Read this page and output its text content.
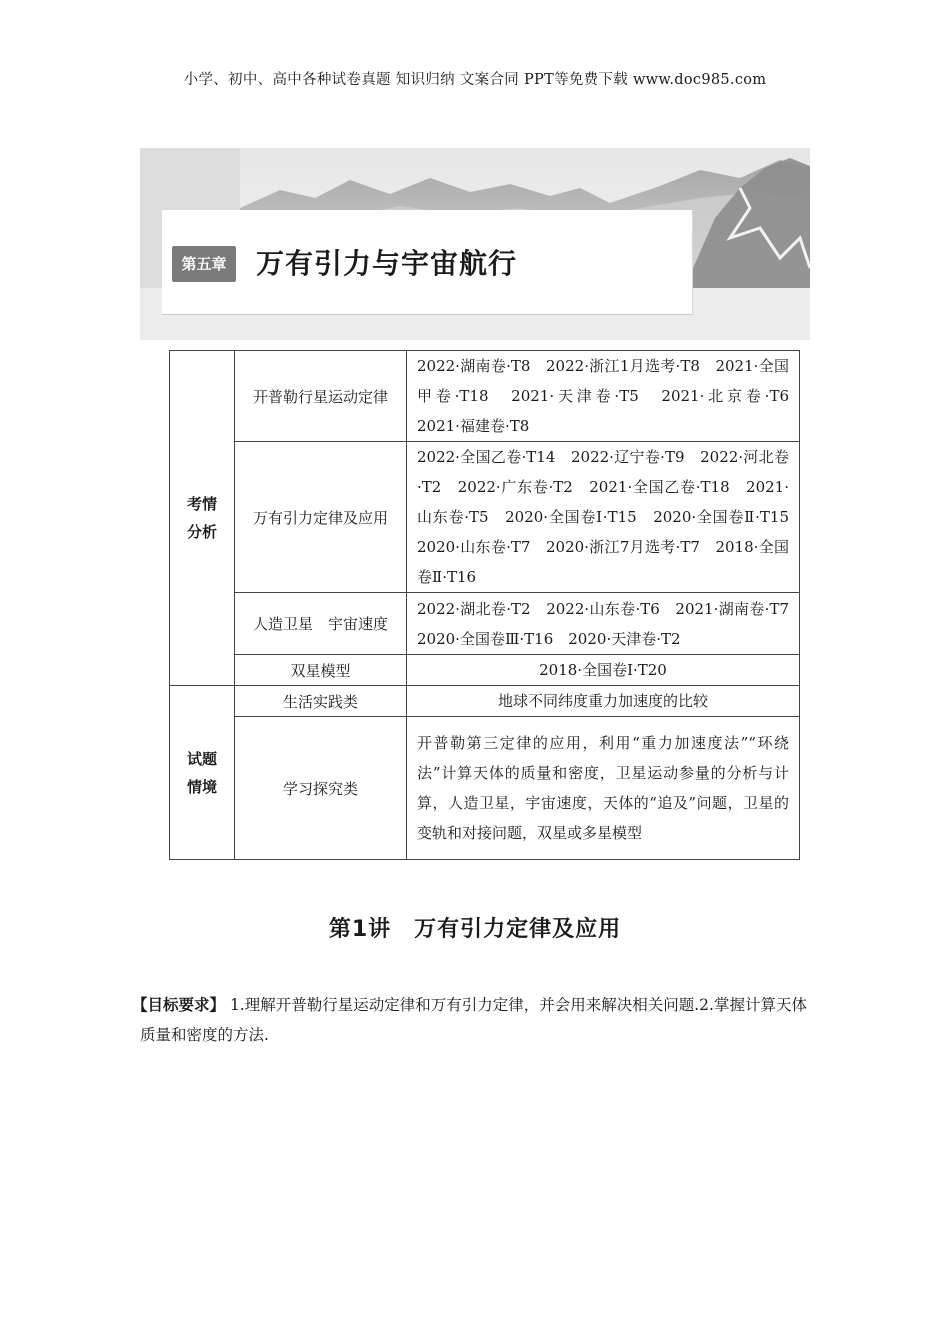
小学、初中、高中各种试卷真题 知识归纳 文案合同 PPT等免费下载 www.doc985.com
第五章	万有引力与宇宙航行
考情
分析	开普勒行星运动定律	2022·湖南卷·T8　2022·浙江1月选考·T8　2021·全国甲卷·T18　2021·天津卷·T5　2021·北京卷·T6　2021·福建卷·T8
	万有引力定律及应用	2022·全国乙卷·T14　2022·辽宁卷·T9　2022·河北卷·T2　2022·广东卷·T2　2021·全国乙卷·T18　2021·山东卷·T5　2020·全国卷Ⅰ·T15　2020·全国卷Ⅱ·T15　2020·山东卷·T7　2020·浙江7月选考·T7　2018·全国卷Ⅱ·T16
	人造卫星　宇宙速度	2022·湖北卷·T2　2022·山东卷·T6　2021·湖南卷·T7　2020·全国卷Ⅲ·T16　2020·天津卷·T2
	双星模型	2018·全国卷Ⅰ·T20
试题
情境	生活实践类	地球不同纬度重力加速度的比较
	学习探究类	开普勒第三定律的应用，利用“重力加速度法”“环绕法”计算天体的质量和密度，卫星运动参量的分析与计算，人造卫星，宇宙速度，天体的“追及”问题，卫星的变轨和对接问题，双星或多星模型
第1讲　万有引力定律及应用
【目标要求】 1.理解开普勒行星运动定律和万有引力定律，并会用来解决相关问题.2.掌握计算天体质量和密度的方法.
